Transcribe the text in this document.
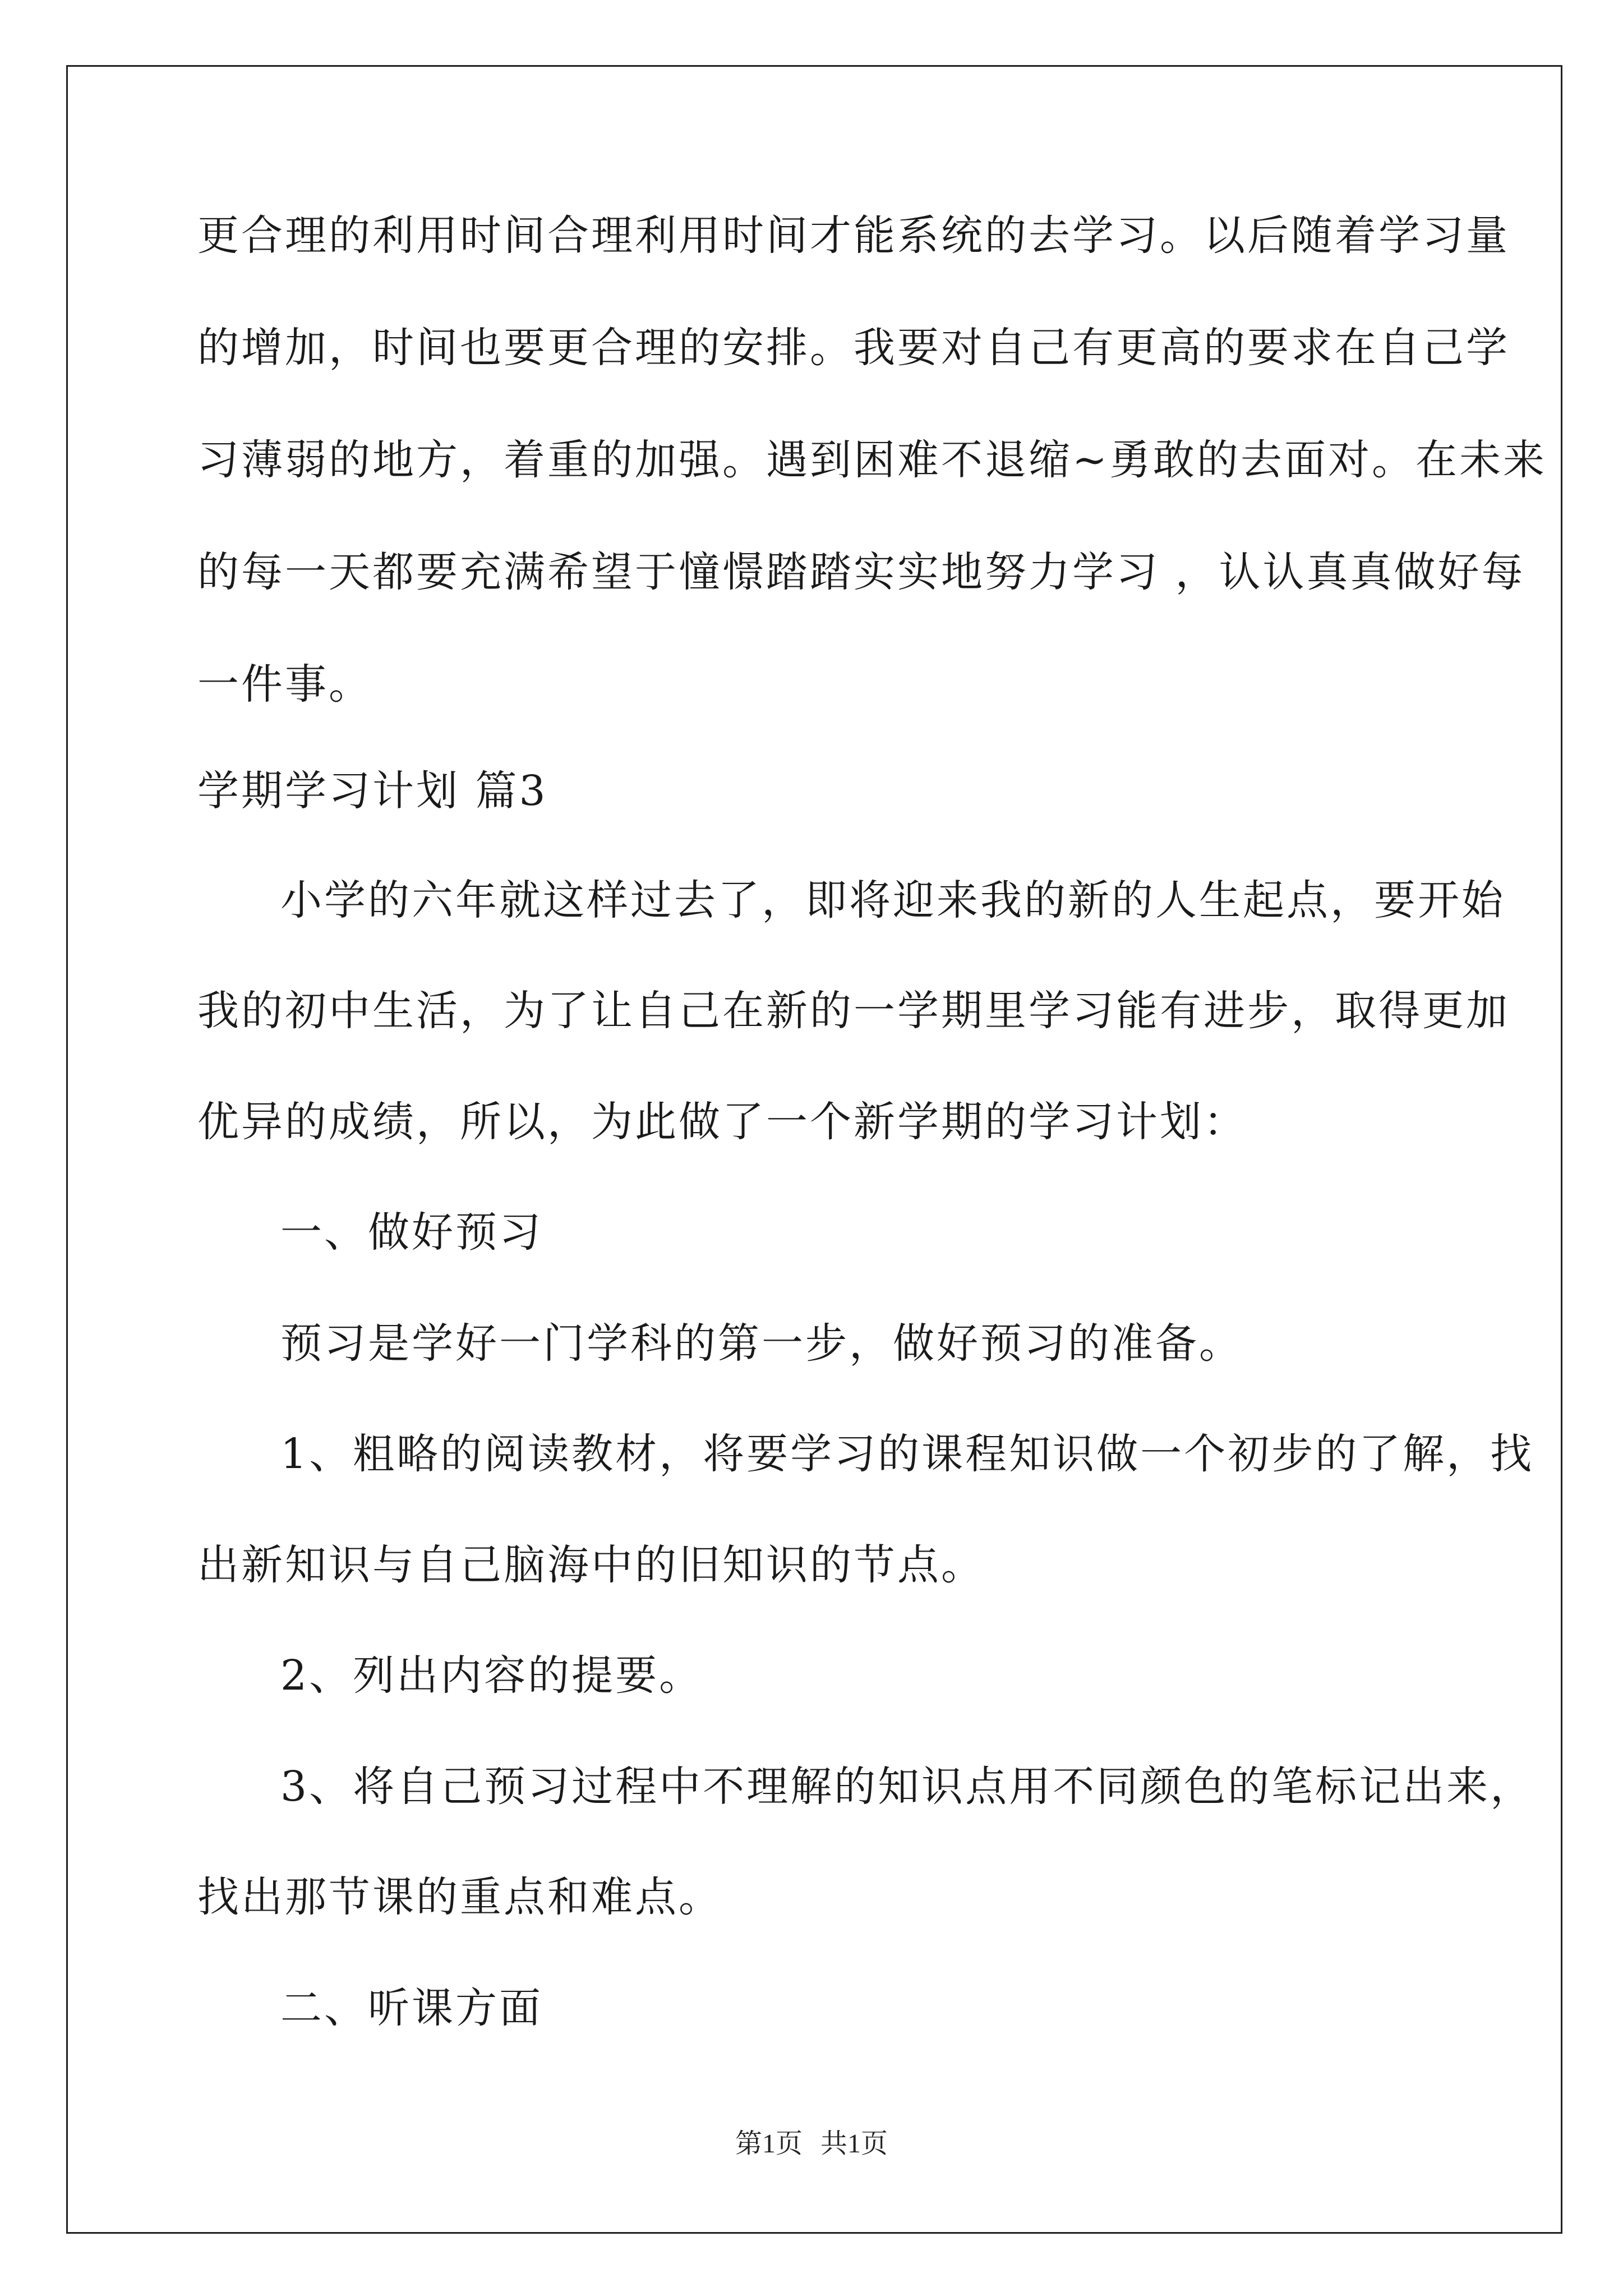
更合理的利用时间合理利用时间才能系统的去学习。以后随着学习量
的增加，时间也要更合理的安排。我要对自己有更高的要求在自己学
习薄弱的地方，着重的加强。遇到困难不退缩~勇敢的去面对。在未来
的每一天都要充满希望于憧憬踏踏实实地努力学习 ，认认真真做好每
一件事。
学期学习计划 篇3
小学的六年就这样过去了，即将迎来我的新的人生起点，要开始
我的初中生活，为了让自己在新的一学期里学习能有进步，取得更加
优异的成绩，所以，为此做了一个新学期的学习计划：
一、做好预习
预习是学好一门学科的第一步，做好预习的准备。
1、粗略的阅读教材，将要学习的课程知识做一个初步的了解，找
出新知识与自己脑海中的旧知识的节点。
2、列出内容的提要。
3、将自己预习过程中不理解的知识点用不同颜色的笔标记出来，
找出那节课的重点和难点。
二、听课方面
第1页 共1页
